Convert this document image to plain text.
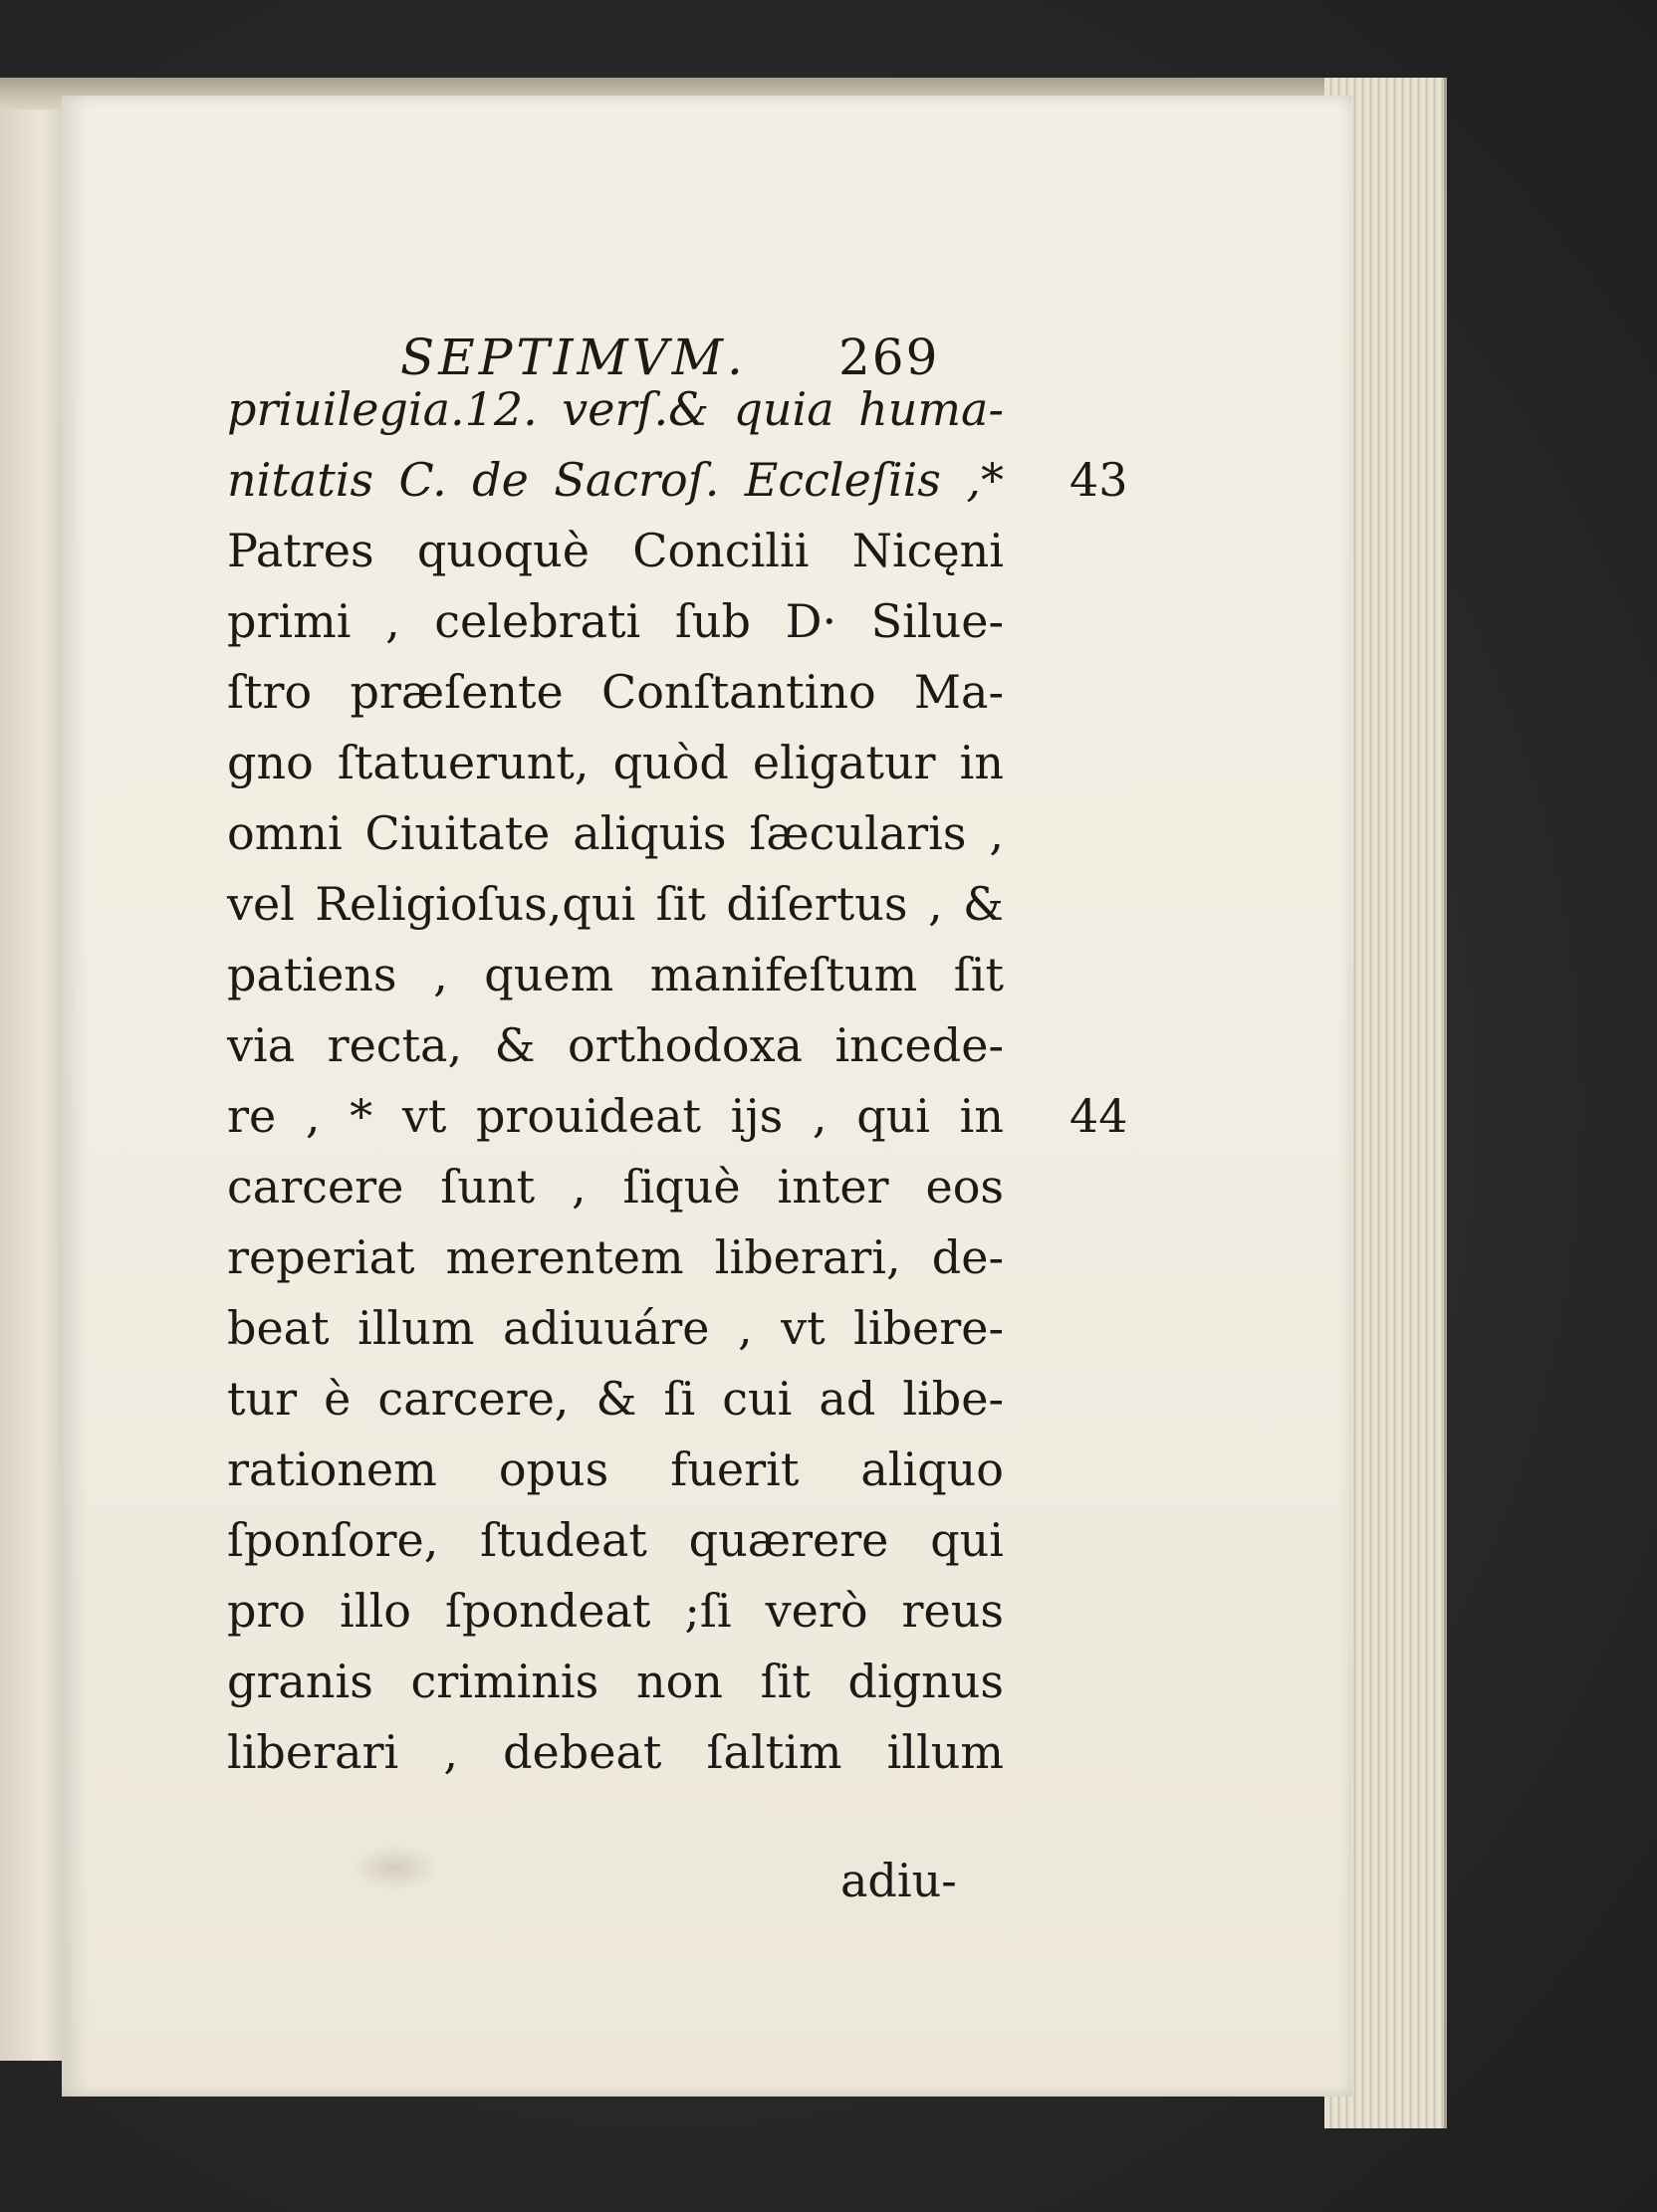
SEPTIMVM. 269
priuilegia.12. verſ.& quia huma-
nitatis C. de Sacroſ. Eccleſiis ,*
Patres quoquè Concilii Nicęni
primi , celebrati ſub D· Silue-
ſtro præſente Conſtantino Ma-
gno ſtatuerunt, quòd eligatur in
omni Ciuitate aliquis ſæcularis ,
vel Religioſus,qui ſit diſertus , &
patiens , quem manifeſtum ſit
via recta, & orthodoxa incede-
re , * vt prouideat ijs , qui in
carcere ſunt , ſiquè inter eos
reperiat merentem liberari, de-
beat illum adiuuáre , vt libere-
tur è carcere, & ſi cui ad libe-
rationem opus fuerit aliquo
ſponſore, ſtudeat quærere qui
pro illo ſpondeat ;ſi verò reus
granis criminis non ſit dignus
liberari , debeat ſaltim illum
43
44
adiu-
